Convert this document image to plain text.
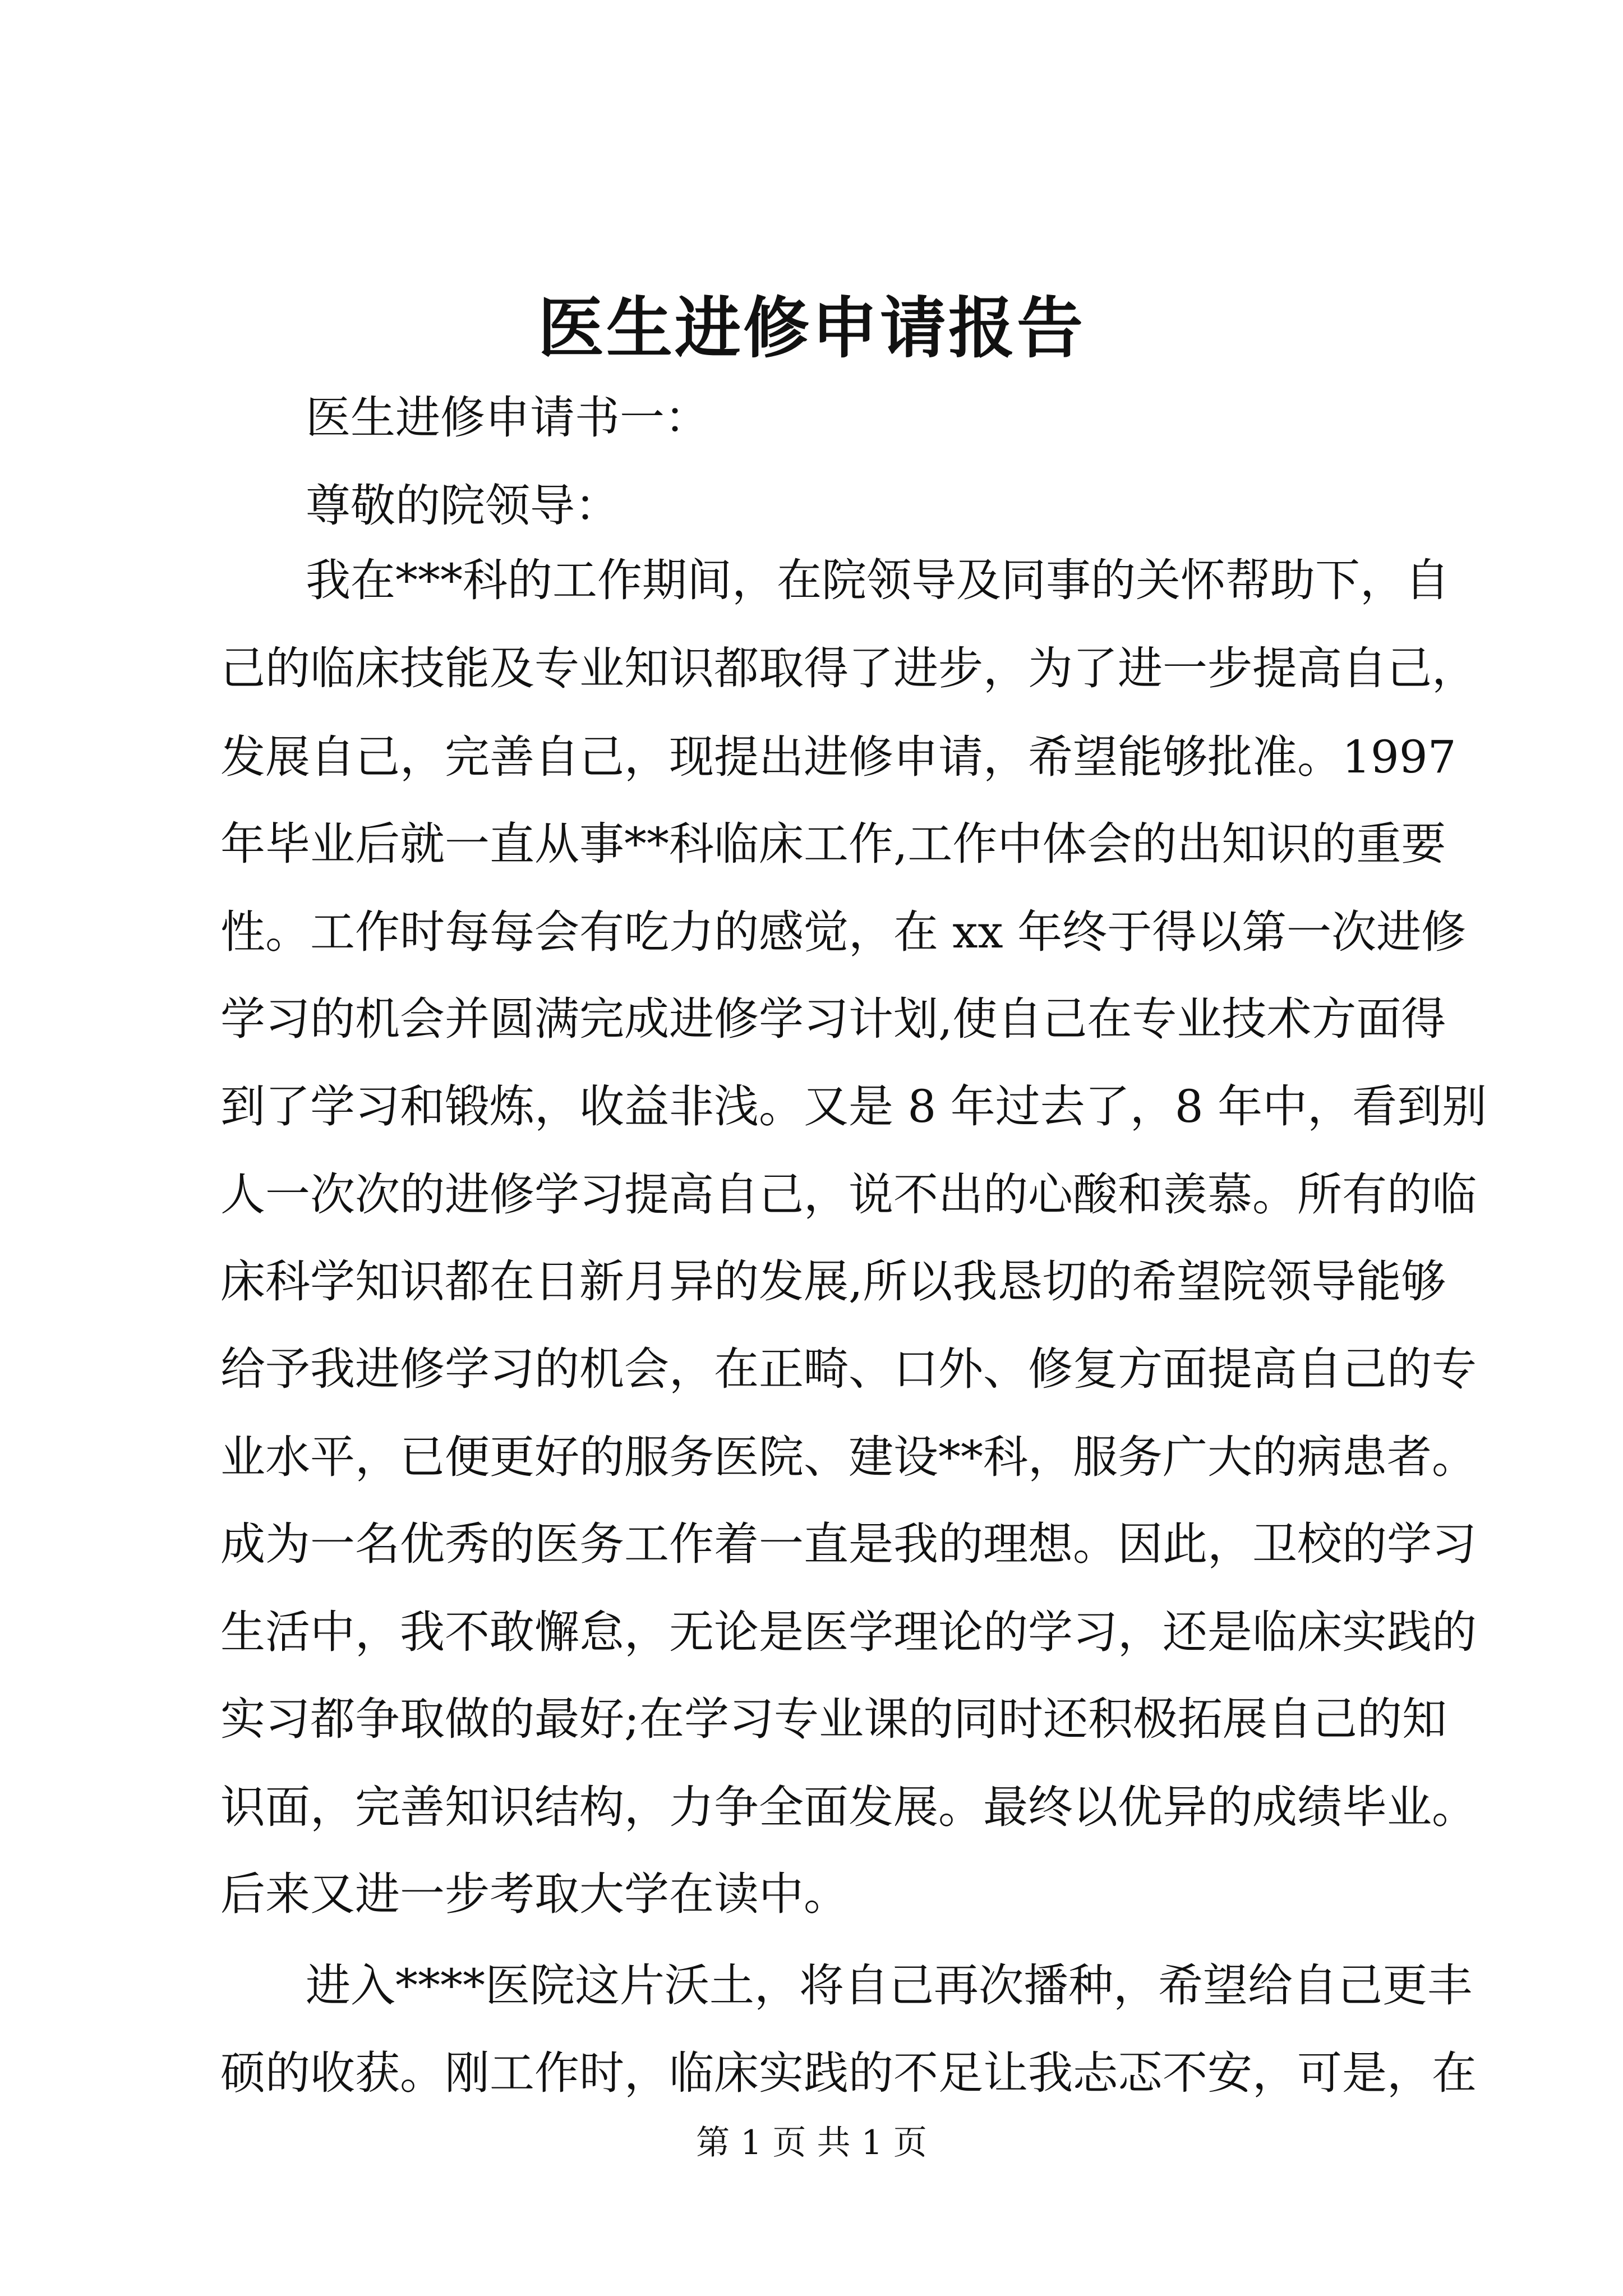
医生进修申请报告

医生进修申请书一：

尊敬的院领导：

我在***科的工作期间，在院领导及同事的关怀帮助下，自

己的临床技能及专业知识都取得了进步，为了进一步提高自己，

发展自己，完善自己，现提出进修申请，希望能够批准。1997

年毕业后就一直从事**科临床工作,工作中体会的出知识的重要

性。工作时每每会有吃力的感觉，在 xx 年终于得以第一次进修

学习的机会并圆满完成进修学习计划,使自己在专业技术方面得

到了学习和锻炼，收益非浅。又是 8 年过去了，8 年中，看到别

人一次次的进修学习提高自己，说不出的心酸和羡慕。所有的临

床科学知识都在日新月异的发展,所以我恳切的希望院领导能够

给予我进修学习的机会，在正畸、口外、修复方面提高自己的专

业水平，已便更好的服务医院、建设**科，服务广大的病患者。

成为一名优秀的医务工作着一直是我的理想。因此，卫校的学习

生活中，我不敢懈怠，无论是医学理论的学习，还是临床实践的

实习都争取做的最好;在学习专业课的同时还积极拓展自己的知

识面，完善知识结构，力争全面发展。最终以优异的成绩毕业。

后来又进一步考取大学在读中。

进入****医院这片沃土，将自己再次播种，希望给自己更丰

硕的收获。刚工作时，临床实践的不足让我忐忑不安，可是，在

第 1 页 共 1 页
